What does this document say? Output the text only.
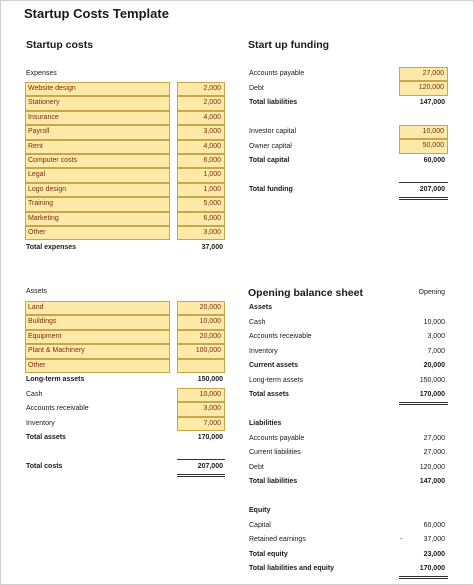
Startup Costs Template
Startup costs
Expenses
Website design	2,000
Stationery	2,000
Insurance	4,000
Payroll	3,000
Rent	4,000
Computer costs	6,000
Legal	1,000
Logo design	1,000
Training	5,000
Marketing	6,000
Other	3,000
Total expenses	37,000
Assets
Land	20,000
Buildings	10,000
Equipment	20,000
Plant & Machinery	100,000
Other
Long-term assets	150,000
Cash	10,000
Accounts receivable	3,000
Inventory	7,000
Total assets	170,000
Total costs	207,000
Start up funding
Accounts payable	27,000
Debt	120,000
Total liabilities	147,000
Investor capital	10,000
Owner capital	50,000
Total capital	60,000
Total funding	207,000
Opening balance sheet	Opening
Assets
Cash	10,000
Accounts receivable	3,000
Inventory	7,000
Current assets	20,000
Long-term assets	150,000
Total assets	170,000
Liabilities
Accounts payable	27,000
Current liabilities	27,000
Debt	120,000
Total liabilities	147,000
Equity
Capital	60,000
Retained earnings	-	37,000
Total equity	23,000
Total liabilities and equity	170,000
